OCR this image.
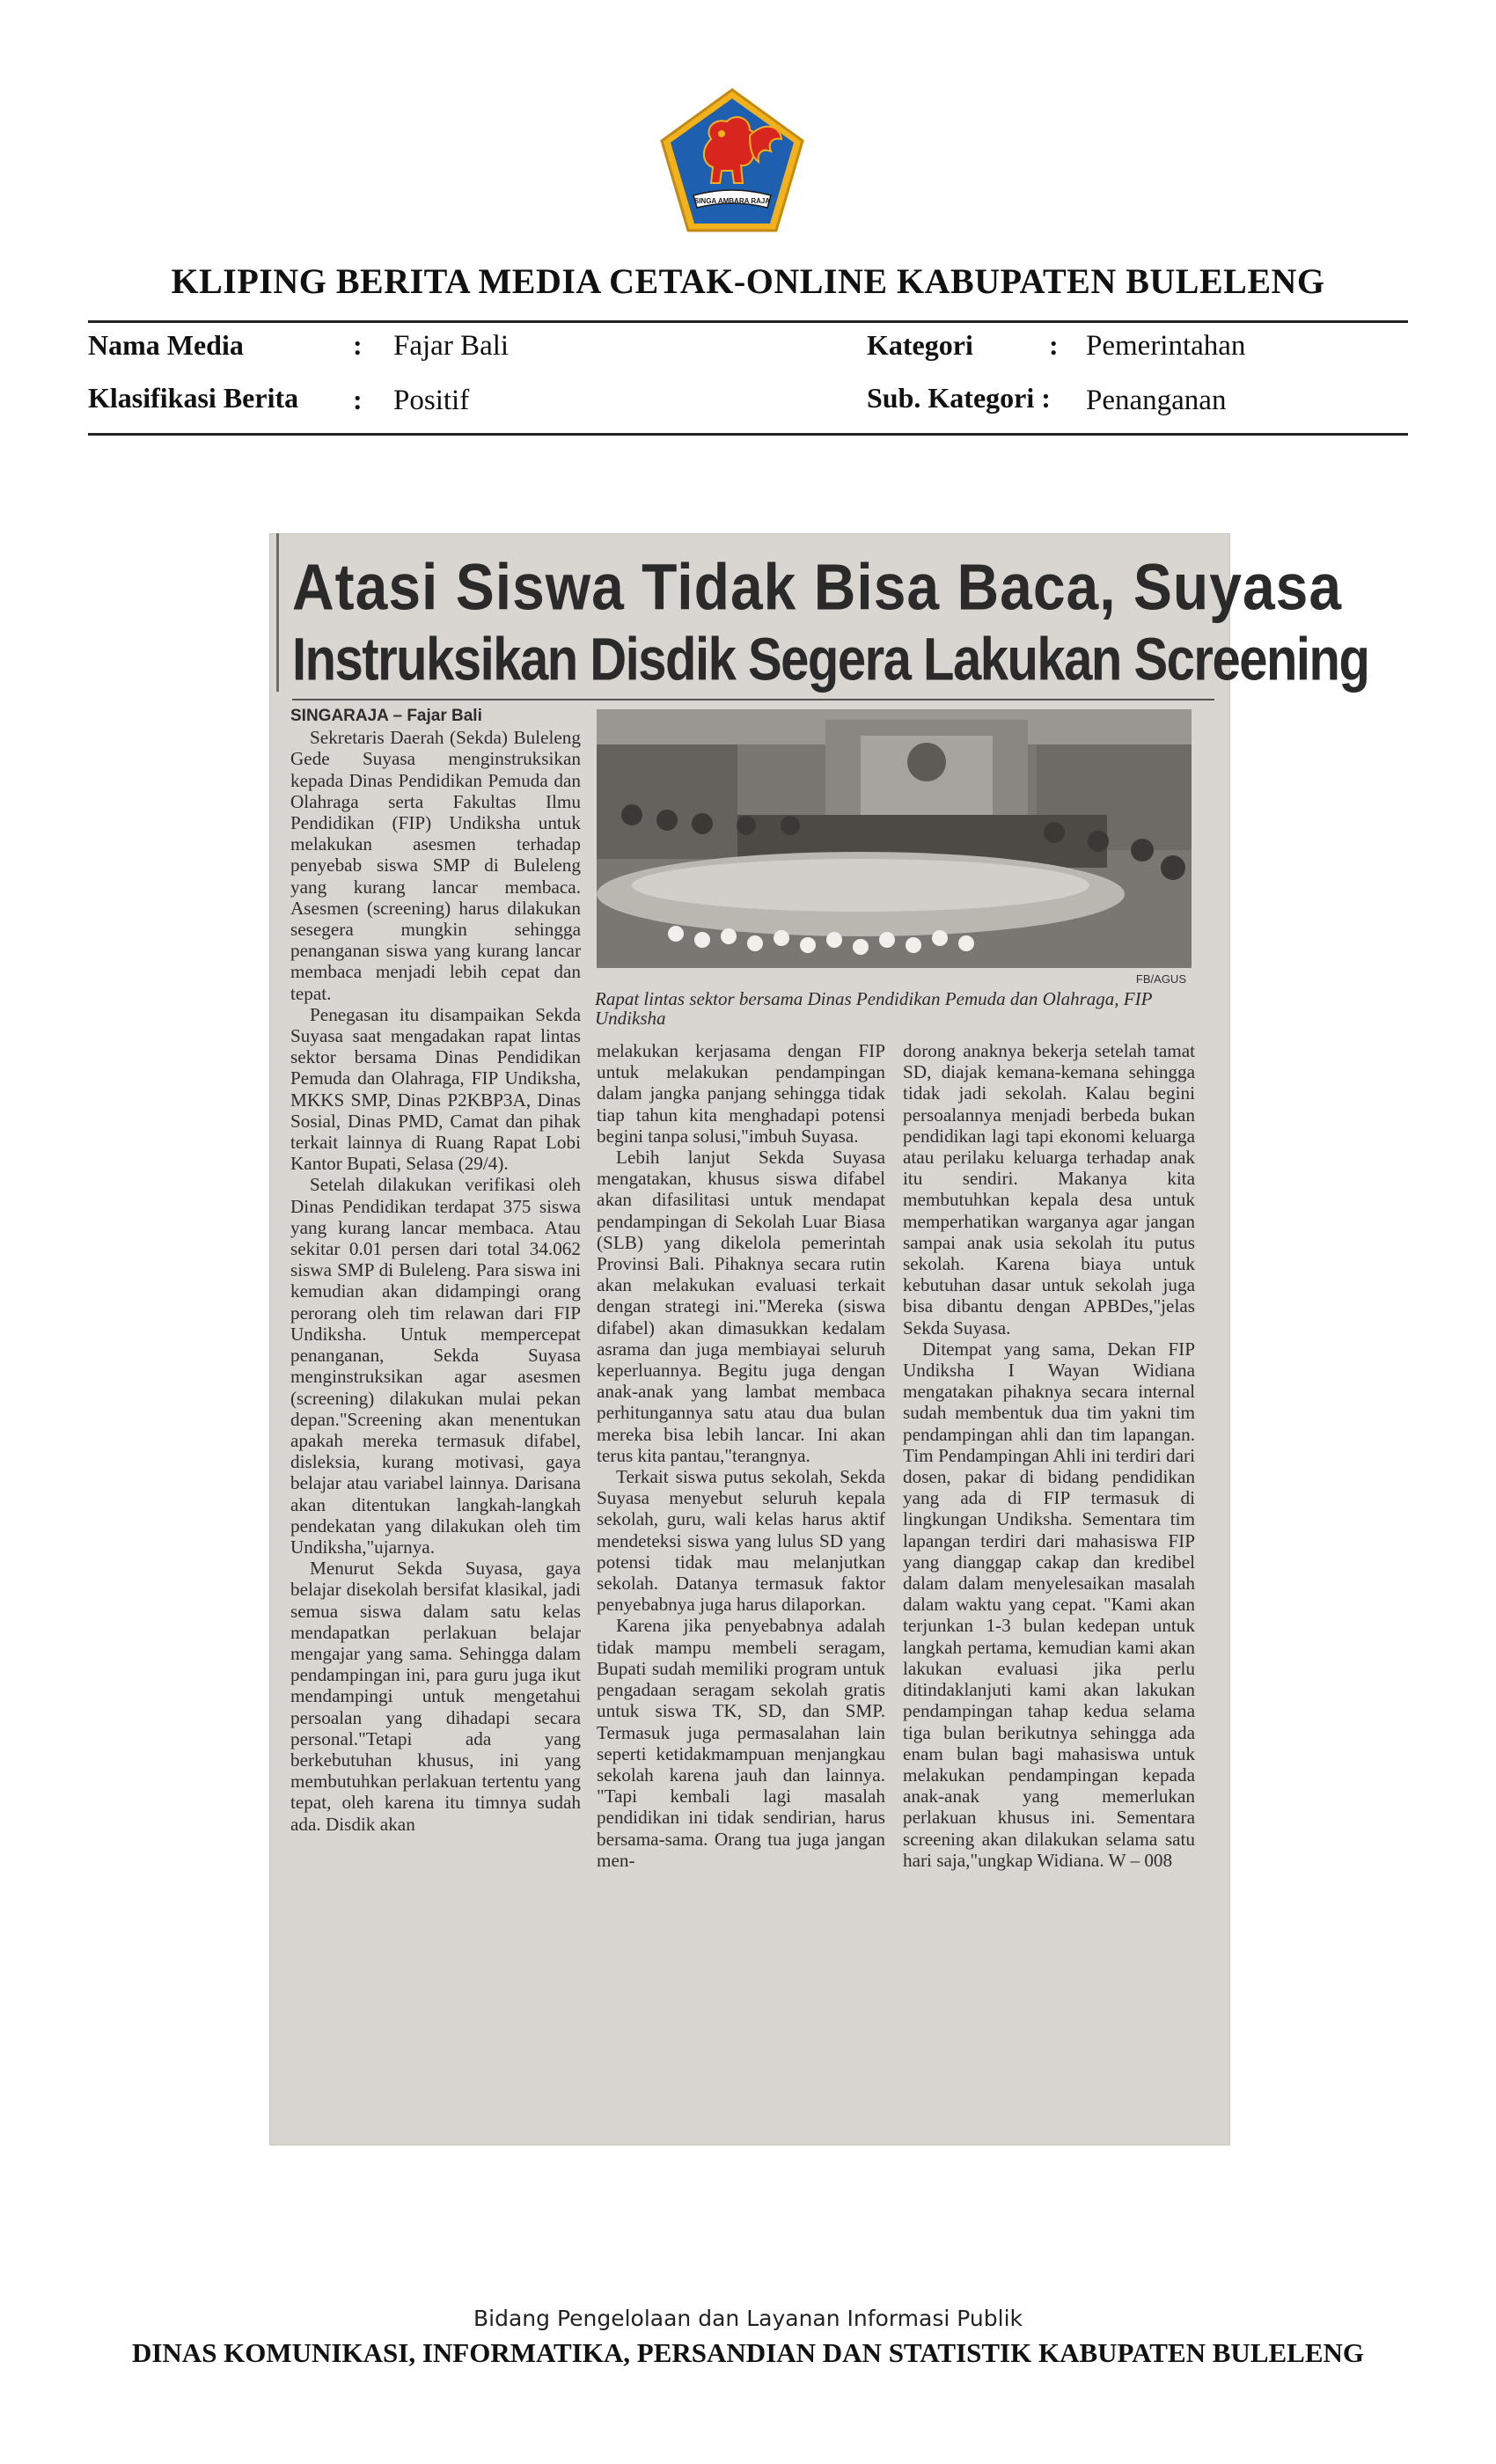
SINGA AMBARA RAJA
KLIPING BERITA MEDIA CETAK-ONLINE KABUPATEN BULELENG
Nama Media	: Fajar Bali	Kategori	: Pemerintahan
Klasifikasi Berita : Positif	Sub. Kategori : Penanganan
Atasi Siswa Tidak Bisa Baca, Suyasa
Instruksikan Disdik Segera Lakukan Screening
FB/AGUS
Rapat lintas sektor bersama Dinas Pendidikan Pemuda dan Olahraga, FIP Undiksha

SINGARAJA – Fajar Bali

Sekretaris Daerah (Sekda) Buleleng Gede Suyasa menginstruksikan kepada Dinas Pendidikan Pemuda dan Olahraga serta Fakultas Ilmu Pendidikan (FIP) Undiksha untuk melakukan asesmen terhadap penyebab siswa SMP di Buleleng yang kurang lancar membaca. Asesmen (screening) harus dilakukan sesegera mungkin sehingga penanganan siswa yang kurang lancar membaca menjadi lebih cepat dan tepat.

Penegasan itu disampaikan Sekda Suyasa saat mengadakan rapat lintas sektor bersama Dinas Pendidikan Pemuda dan Olahraga, FIP Undiksha, MKKS SMP, Dinas P2KBP3A, Dinas Sosial, Dinas PMD, Camat dan pihak terkait lainnya di Ruang Rapat Lobi Kantor Bupati, Selasa (29/4).

Setelah dilakukan verifikasi oleh Dinas Pendidikan terdapat 375 siswa yang kurang lancar membaca. Atau sekitar 0.01 persen dari total 34.062 siswa SMP di Buleleng. Para siswa ini kemudian akan didampingi orang perorang oleh tim relawan dari FIP Undiksha. Untuk mempercepat penanganan, Sekda Suyasa menginstruksikan agar asesmen (screening) dilakukan mulai pekan depan."Screening akan menentukan apakah mereka termasuk difabel, disleksia, kurang motivasi, gaya belajar atau variabel lainnya. Darisana akan ditentukan langkah-langkah pendekatan yang dilakukan oleh tim Undiksha,"ujarnya.

Menurut Sekda Suyasa, gaya belajar disekolah bersifat klasikal, jadi semua siswa dalam satu kelas mendapatkan perlakuan belajar mengajar yang sama. Sehingga dalam pendampingan ini, para guru juga ikut mendampingi untuk mengetahui persoalan yang dihadapi secara personal."Tetapi ada yang berkebutuhan khusus, ini yang membutuhkan perlakuan tertentu yang tepat, oleh karena itu timnya sudah ada. Disdik akan

melakukan kerjasama dengan FIP untuk melakukan pendampingan dalam jangka panjang sehingga tidak tiap tahun kita menghadapi potensi begini tanpa solusi,"imbuh Suyasa.

Lebih lanjut Sekda Suyasa mengatakan, khusus siswa difabel akan difasilitasi untuk mendapat pendampingan di Sekolah Luar Biasa (SLB) yang dikelola pemerintah Provinsi Bali. Pihaknya secara rutin akan melakukan evaluasi terkait dengan strategi ini."Mereka (siswa difabel) akan dimasukkan kedalam asrama dan juga membiayai seluruh keperluannya. Begitu juga dengan anak-anak yang lambat membaca perhitungannya satu atau dua bulan mereka bisa lebih lancar. Ini akan terus kita pantau,"terangnya.

Terkait siswa putus sekolah, Sekda Suyasa menyebut seluruh kepala sekolah, guru, wali kelas harus aktif mendeteksi siswa yang lulus SD yang potensi tidak mau melanjutkan sekolah. Datanya termasuk faktor penyebabnya juga harus dilaporkan.

Karena jika penyebabnya adalah tidak mampu membeli seragam, Bupati sudah memiliki program untuk pengadaan seragam sekolah gratis untuk siswa TK, SD, dan SMP. Termasuk juga permasalahan lain seperti ketidakmampuan menjangkau sekolah karena jauh dan lainnya. "Tapi kembali lagi masalah pendidikan ini tidak sendirian, harus bersama-sama. Orang tua juga jangan men-

dorong anaknya bekerja setelah tamat SD, diajak kemana-kemana sehingga tidak jadi sekolah. Kalau begini persoalannya menjadi berbeda bukan pendidikan lagi tapi ekonomi keluarga atau perilaku keluarga terhadap anak itu sendiri. Makanya kita membutuhkan kepala desa untuk memperhatikan warganya agar jangan sampai anak usia sekolah itu putus sekolah. Karena biaya untuk kebutuhan dasar untuk sekolah juga bisa dibantu dengan APBDes,"jelas Sekda Suyasa.

Ditempat yang sama, Dekan FIP Undiksha I Wayan Widiana mengatakan pihaknya secara internal sudah membentuk dua tim yakni tim pendampingan ahli dan tim lapangan. Tim Pendampingan Ahli ini terdiri dari dosen, pakar di bidang pendidikan yang ada di FIP termasuk di lingkungan Undiksha. Sementara tim lapangan terdiri dari mahasiswa FIP yang dianggap cakap dan kredibel dalam dalam menyelesaikan masalah dalam waktu yang cepat. "Kami akan terjunkan 1-3 bulan kedepan untuk langkah pertama, kemudian kami akan lakukan evaluasi jika perlu ditindaklanjuti kami akan lakukan pendampingan tahap kedua selama tiga bulan berikutnya sehingga ada enam bulan bagi mahasiswa untuk melakukan pendampingan kepada anak-anak yang memerlukan perlakuan khusus ini. Sementara screening akan dilakukan selama satu hari saja,"ungkap Widiana. W – 008

Bidang Pengelolaan dan Layanan Informasi Publik
DINAS KOMUNIKASI, INFORMATIKA, PERSANDIAN DAN STATISTIK KABUPATEN BULELENG
